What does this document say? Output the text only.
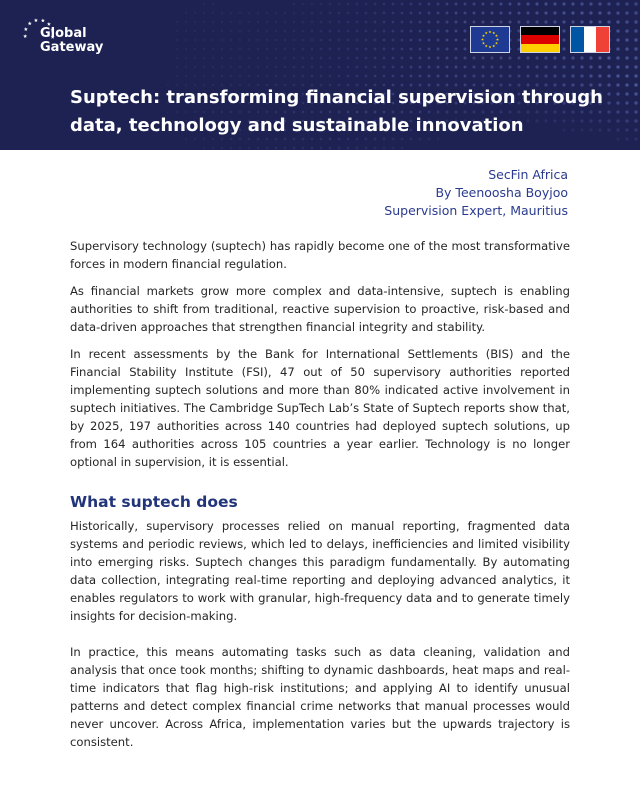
Global
Gateway
Suptech: transforming financial supervision through data, technology and sustainable innovation
SecFin Africa
By Teenoosha Boyjoo
Supervision Expert, Mauritius

Supervisory technology (suptech) has rapidly become one of the most transformative forces in modern financial regulation.

As financial markets grow more complex and data-intensive, suptech is enabling authorities to shift from traditional, reactive supervision to proactive, risk-based and data-driven approaches that strengthen financial integrity and stability.

In recent assessments by the Bank for International Settlements (BIS) and the Financial Stability Institute (FSI), 47 out of 50 supervisory authorities reported implementing suptech solutions and more than 80% indicated active involvement in suptech initiatives. The Cambridge SupTech Lab’s State of Suptech reports show that, by 2025, 197 authorities across 140 countries had deployed suptech solutions, up from 164 authorities across 105 countries a year earlier. Technology is no longer optional in supervision, it is essential.

What suptech does

Historically, supervisory processes relied on manual reporting, fragmented data systems and periodic reviews, which led to delays, inefficiencies and limited visibility into emerging risks. Suptech changes this paradigm fundamentally. By automating data collection, integrating real-time reporting and deploying advanced analytics, it enables regulators to work with granular, high-frequency data and to generate timely insights for decision-making.

In practice, this means automating tasks such as data cleaning, validation and analysis that once took months; shifting to dynamic dashboards, heat maps and real-time indicators that flag high-risk institutions; and applying AI to identify unusual patterns and detect complex financial crime networks that manual processes would never uncover. Across Africa, implementation varies but the upwards trajectory is consistent.
